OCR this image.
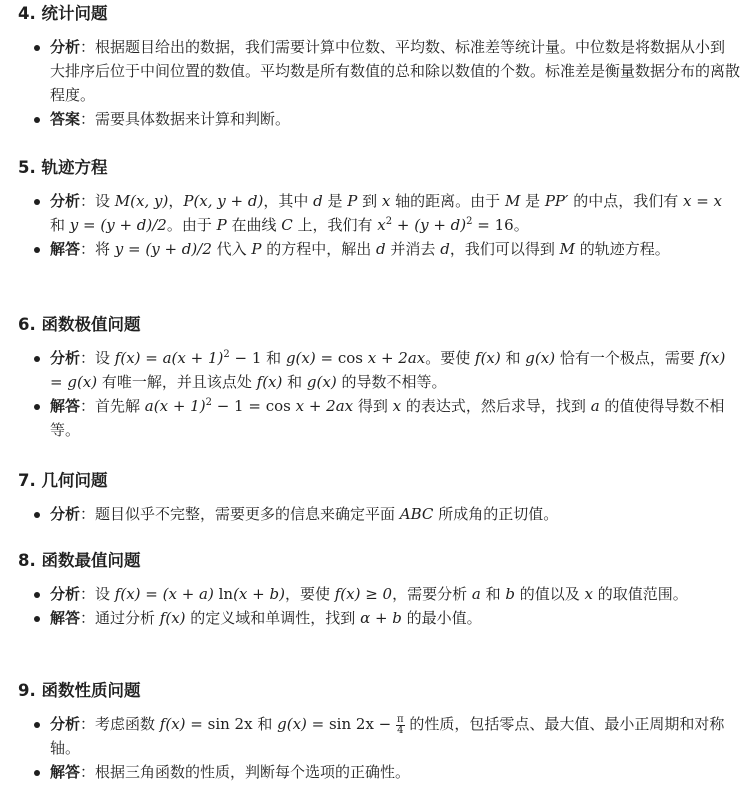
4. 统计问题
分析：根据题目给出的数据，我们需要计算中位数、平均数、标准差等统计量。中位数是将数据从小到大排序后位于中间位置的数值。平均数是所有数值的总和除以数值的个数。标准差是衡量数据分布的离散程度。
答案：需要具体数据来计算和判断。
5. 轨迹方程
分析：设 M(x, y)，P(x, y + d)，其中 d 是 P 到 x 轴的距离。由于 M 是 PP′ 的中点，我们有 x = x 和 y = (y + d)/2。由于 P 在曲线 C 上，我们有 $x^2 + (y + d)^2 = 16$。
解答：将 y = (y + d)/2 代入 P 的方程中，解出 d 并消去 d，我们可以得到 M 的轨迹方程。
6. 函数极值问题
分析：设 $f(x) = a(x + 1)^2 - 1$ 和 g(x) = cos x + 2ax。要使 f(x) 和 g(x) 恰有一个极点，需要 f(x) = g(x) 有唯一解，并且该点处 f(x) 和 g(x) 的导数不相等。
解答：首先解 $a(x + 1)^2 - 1 = \cos x + 2ax$ 得到 x 的表达式，然后求导，找到 a 的值使得导数不相等。
7. 几何问题
分析：题目似乎不完整，需要更多的信息来确定平面 ABC 所成角的正切值。
8. 函数最值问题
分析：设 f(x) = (x + a) ln(x + b)，要使 f(x) ≥ 0，需要分析 a 和 b 的值以及 x 的取值范围。
解答：通过分析 f(x) 的定义域和单调性，找到 α + b 的最小值。
9. 函数性质问题
分析：考虑函数 f(x) = sin 2x 和 $g(x) = \sin 2x - \frac{\pi}{4}$ 的性质，包括零点、最大值、最小正周期和对称轴。
解答：根据三角函数的性质，判断每个选项的正确性。
